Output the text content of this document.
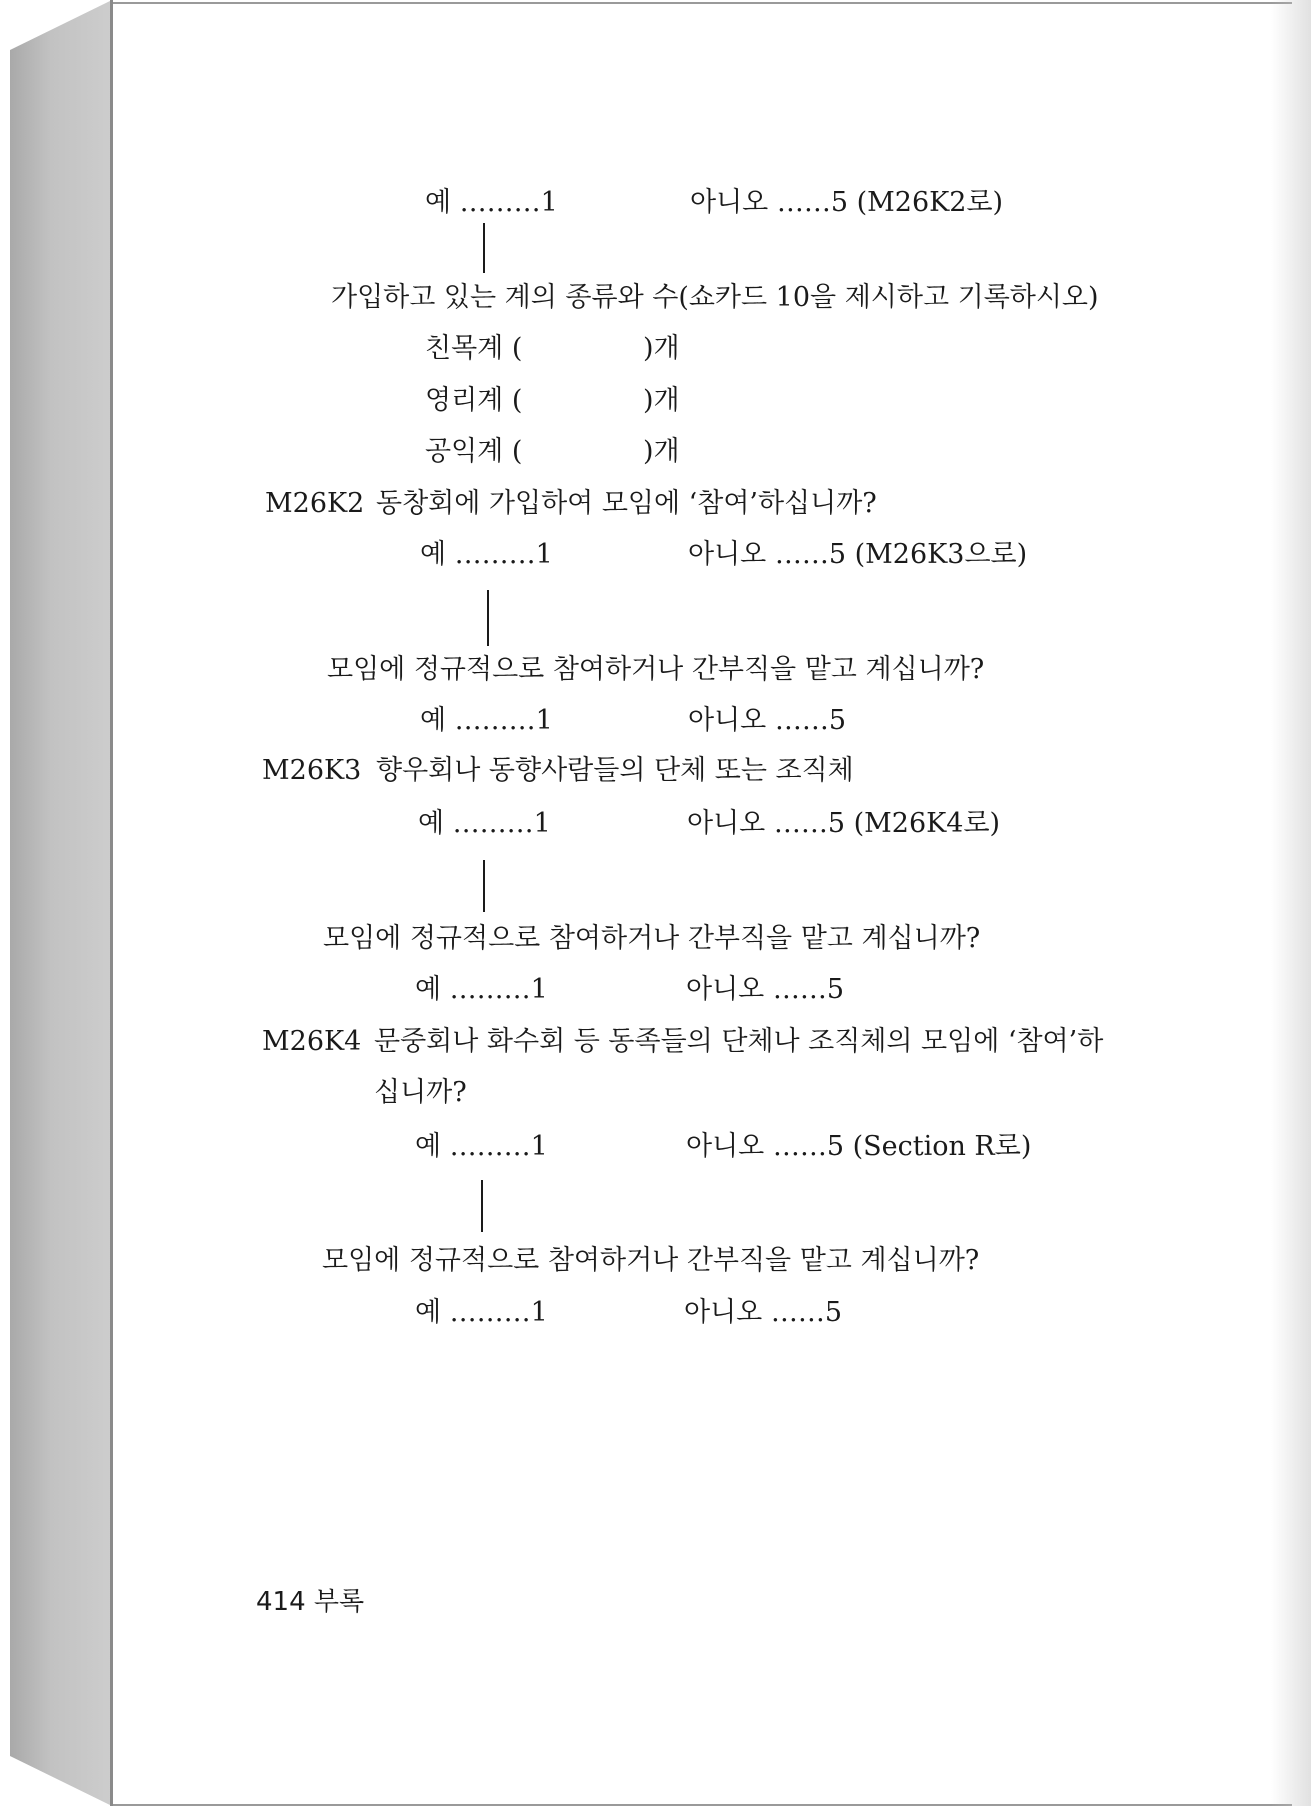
예 ………1	아니오 ……5 (M26K2로)
가입하고 있는 계의 종류와 수(쇼카드 10을 제시하고 기록하시오)
친목계 (	)개
영리계 (	)개
공익계 (	)개
M26K2 동창회에 가입하여 모임에 ‘참여’하십니까?
예 ………1	아니오 ……5 (M26K3으로)
모임에 정규적으로 참여하거나 간부직을 맡고 계십니까?
예 ………1	아니오 ……5
M26K3 향우회나 동향사람들의 단체 또는 조직체
예 ………1	아니오 ……5 (M26K4로)
모임에 정규적으로 참여하거나 간부직을 맡고 계십니까?
예 ………1	아니오 ……5
M26K4 문중회나 화수회 등 동족들의 단체나 조직체의 모임에 ‘참여’하
십니까?
예 ………1	아니오 ……5 (Section R로)
모임에 정규적으로 참여하거나 간부직을 맡고 계십니까?
예 ………1	아니오 ……5
414 부록
